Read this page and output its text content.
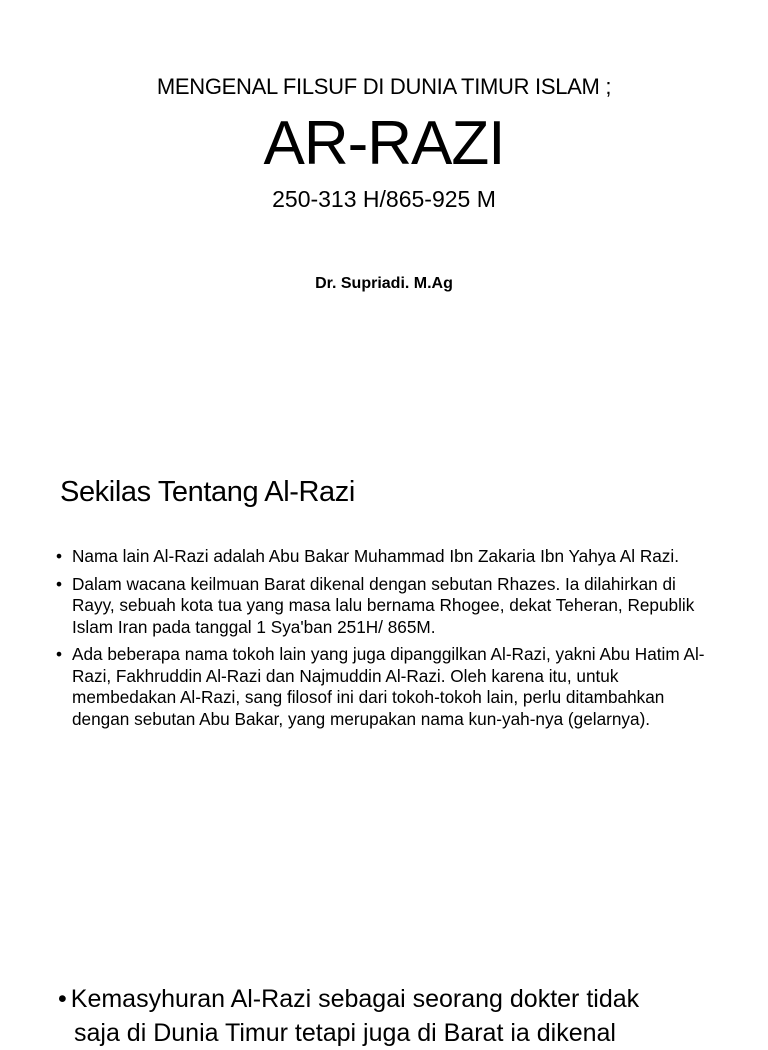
MENGENAL FILSUF DI DUNIA TIMUR ISLAM ;
AR-RAZI
250-313 H/865-925 M
Dr. Supriadi. M.Ag
Sekilas Tentang Al-Razi
• Nama lain Al-Razi adalah Abu Bakar Muhammad Ibn Zakaria Ibn Yahya Al Razi.
• Dalam wacana keilmuan Barat dikenal dengan sebutan Rhazes. Ia dilahirkan di Rayy, sebuah kota tua yang masa lalu bernama Rhogee, dekat Teheran, Republik Islam Iran pada tanggal 1 Sya'ban 251H/ 865M.
• Ada beberapa nama tokoh lain yang juga dipanggilkan Al-Razi, yakni Abu Hatim Al-Razi, Fakhruddin Al-Razi dan Najmuddin Al-Razi. Oleh karena itu, untuk membedakan Al-Razi, sang filosof ini dari tokoh-tokoh lain, perlu ditambahkan dengan sebutan Abu Bakar, yang merupakan nama kun-yah-nya (gelarnya).
• Kemasyhuran Al-Razi sebagai seorang dokter tidak
saja di Dunia Timur tetapi juga di Barat ia dikenal
